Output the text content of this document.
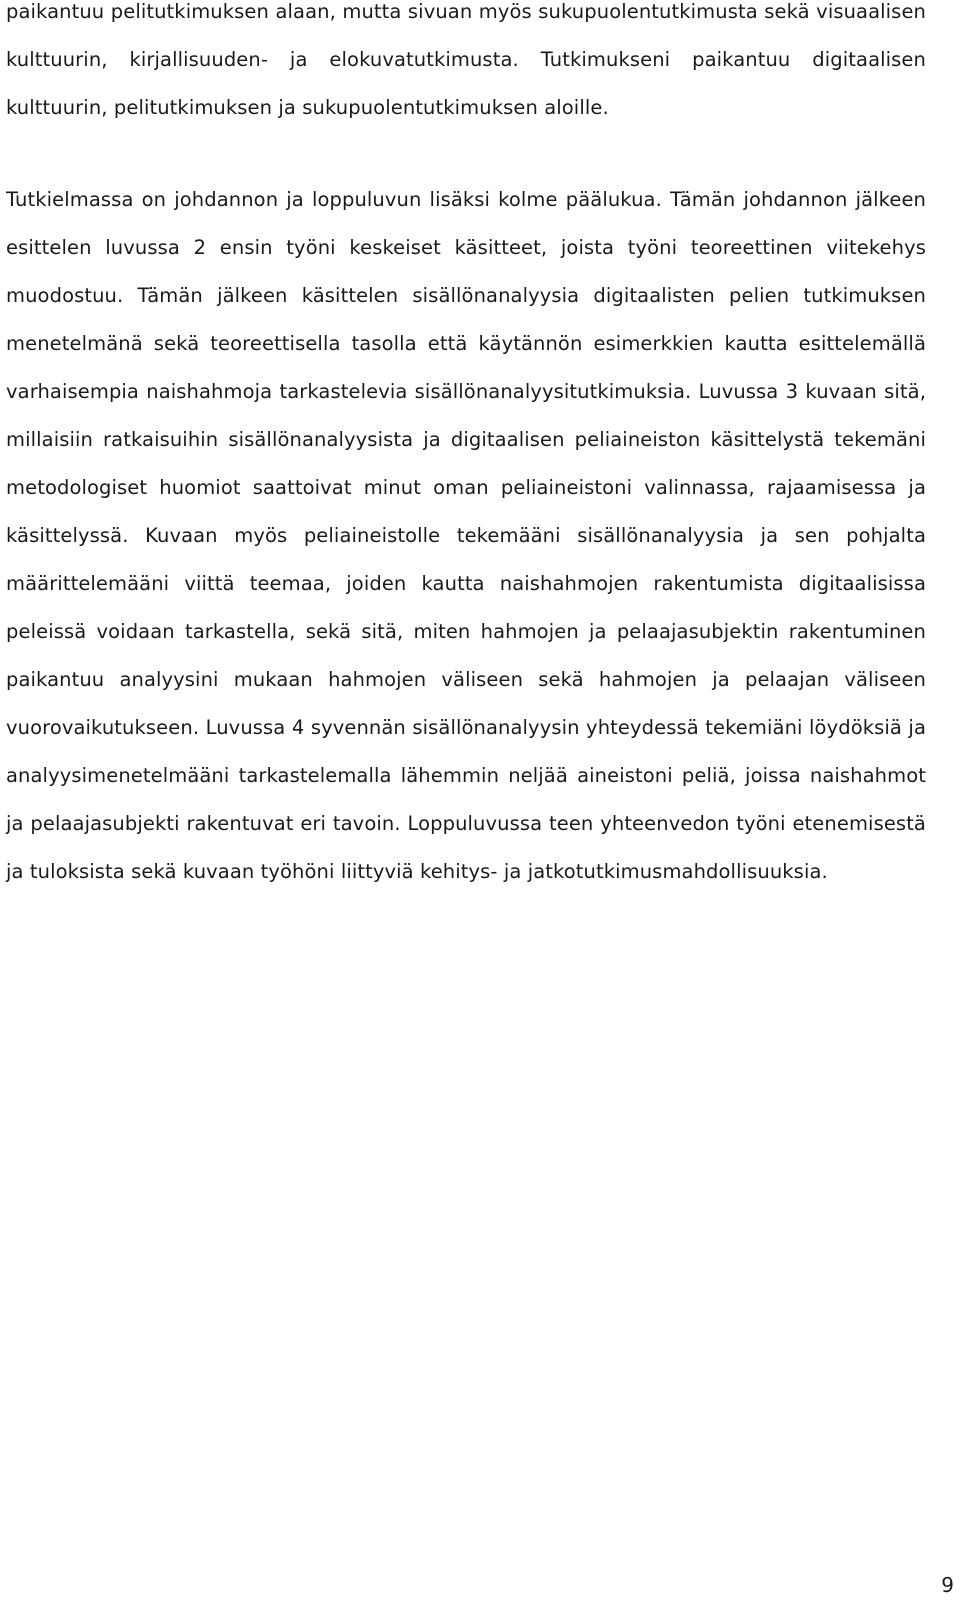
paikantuu pelitutkimuksen alaan, mutta sivuan myös sukupuolentutkimusta sekä visuaalisen kulttuurin, kirjallisuuden- ja elokuvatutkimusta. Tutkimukseni paikantuu digitaalisen kulttuurin, pelitutkimuksen ja sukupuolentutkimuksen aloille.

Tutkielmassa on johdannon ja loppuluvun lisäksi kolme päälukua. Tämän johdannon jälkeen esittelen luvussa 2 ensin työni keskeiset käsitteet, joista työni teoreettinen viitekehys muodostuu. Tämän jälkeen käsittelen sisällönanalyysia digitaalisten pelien tutkimuksen menetelmänä sekä teoreettisella tasolla että käytännön esimerkkien kautta esittelemällä varhaisempia naishahmoja tarkastelevia sisällönanalyysitutkimuksia. Luvussa 3 kuvaan sitä, millaisiin ratkaisuihin sisällönanalyysista ja digitaalisen peliaineiston käsittelystä tekemäni metodologiset huomiot saattoivat minut oman peliaineistoni valinnassa, rajaamisessa ja käsittelyssä. Kuvaan myös peliaineistolle tekemääni sisällönanalyysia ja sen pohjalta määrittelemääni viittä teemaa, joiden kautta naishahmojen rakentumista digitaalisissa peleissä voidaan tarkastella, sekä sitä, miten hahmojen ja pelaajasubjektin rakentuminen paikantuu analyysini mukaan hahmojen väliseen sekä hahmojen ja pelaajan väliseen vuorovaikutukseen. Luvussa 4 syvennän sisällönanalyysin yhteydessä tekemiäni löydöksiä ja analyysimenetelmääni tarkastelemalla lähemmin neljää aineistoni peliä, joissa naishahmot ja pelaajasubjekti rakentuvat eri tavoin. Loppuluvussa teen yhteenvedon työni etenemisestä ja tuloksista sekä kuvaan työhöni liittyviä kehitys- ja jatkotutkimusmahdollisuuksia.

9
